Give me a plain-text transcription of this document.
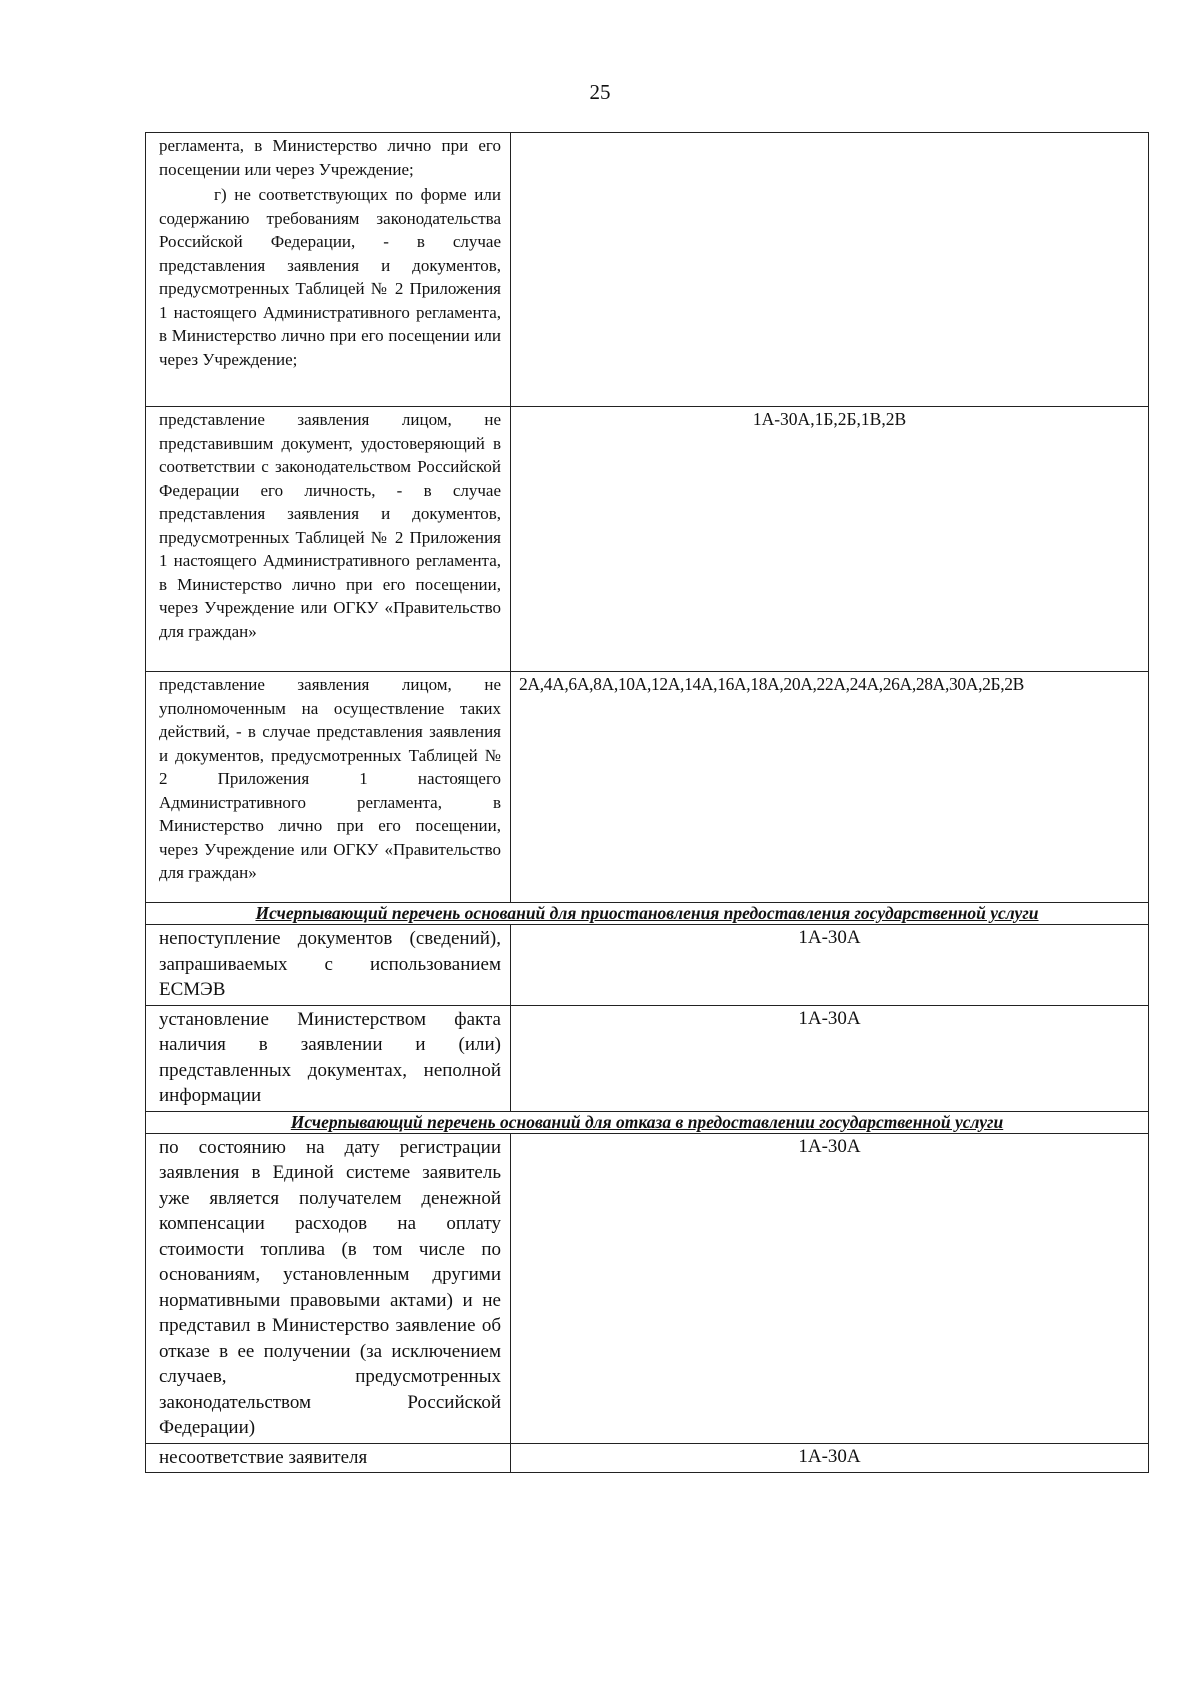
25
регламента, в Министерство лично при его посещении или через Учреждение;
г) не соответствующих по форме или содержанию требованиям законодательства Российской Федерации, - в случае представления заявления и документов, предусмотренных Таблицей № 2 Приложения 1 настоящего Административного регламента, в Министерство лично при его посещении или через Учреждение;	

представление заявления лицом, не представившим документ, удостоверяющий в соответствии с законодательством Российской Федерации его личность, - в случае представления заявления и документов, предусмотренных Таблицей № 2 Приложения 1 настоящего Административного регламента, в Министерство лично при его посещении, через Учреждение или ОГКУ «Правительство для граждан»	1А-30А,1Б,2Б,1В,2В

представление заявления лицом, не уполномоченным на осуществление таких действий, - в случае представления заявления и документов, предусмотренных Таблицей № 2 Приложения 1 настоящего Административного регламента, в Министерство лично при его посещении, через Учреждение или ОГКУ «Правительство для граждан»	2А,4А,6А,8А,10А,12А,14А,16А,18А,20А,22А,24А,26А,28А,30А,2Б,2В

Исчерпывающий перечень оснований для приостановления предоставления государственной услуги	

непоступление документов (сведений), запрашиваемых с использованием ЕСМЭВ	1А-30А

установление Министерством факта наличия в заявлении и (или) представленных документах, неполной информации	1А-30А

Исчерпывающий перечень оснований для отказа в предоставлении государственной услуги	

по состоянию на дату регистрации заявления в Единой системе заявитель уже является получателем денежной компенсации расходов на оплату стоимости топлива (в том числе по основаниям, установленным другими нормативными правовыми актами) и не представил в Министерство заявление об отказе в ее получении (за исключением случаев, предусмотренных законодательством Российской Федерации)	1А-30А

несоответствие заявителя	1А-30А
